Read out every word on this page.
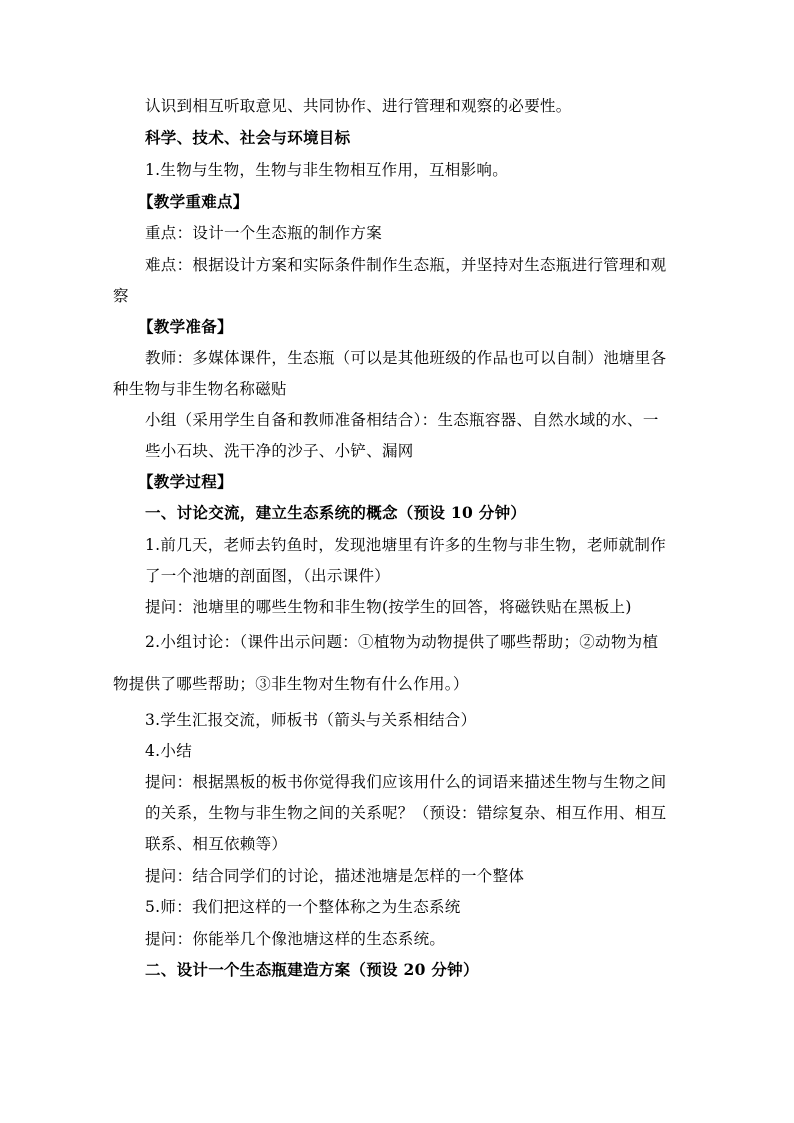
认识到相互听取意见、共同协作、进行管理和观察的必要性。
科学、技术、社会与环境目标
1.生物与生物，生物与非生物相互作用，互相影响。
【教学重难点】
重点：设计一个生态瓶的制作方案
难点：根据设计方案和实际条件制作生态瓶，并坚持对生态瓶进行管理和观
察
【教学准备】
教师：多媒体课件，生态瓶（可以是其他班级的作品也可以自制）池塘里各
种生物与非生物名称磁贴
小组（采用学生自备和教师准备相结合）：生态瓶容器、自然水域的水、一
些小石块、洗干净的沙子、小铲、漏网
【教学过程】
一、讨论交流，建立生态系统的概念（预设 10 分钟）
1.前几天，老师去钓鱼时，发现池塘里有许多的生物与非生物，老师就制作
了一个池塘的剖面图，（出示课件）
提问：池塘里的哪些生物和非生物(按学生的回答，将磁铁贴在黑板上)
2.小组讨论：（课件出示问题：①植物为动物提供了哪些帮助；②动物为植
物提供了哪些帮助；③非生物对生物有什么作用。）
3.学生汇报交流，师板书（箭头与关系相结合）
4.小结
提问：根据黑板的板书你觉得我们应该用什么的词语来描述生物与生物之间
的关系，生物与非生物之间的关系呢？（预设：错综复杂、相互作用、相互
联系、相互依赖等）
提问：结合同学们的讨论，描述池塘是怎样的一个整体
5.师：我们把这样的一个整体称之为生态系统
提问：你能举几个像池塘这样的生态系统。
二、设计一个生态瓶建造方案（预设 20 分钟）
